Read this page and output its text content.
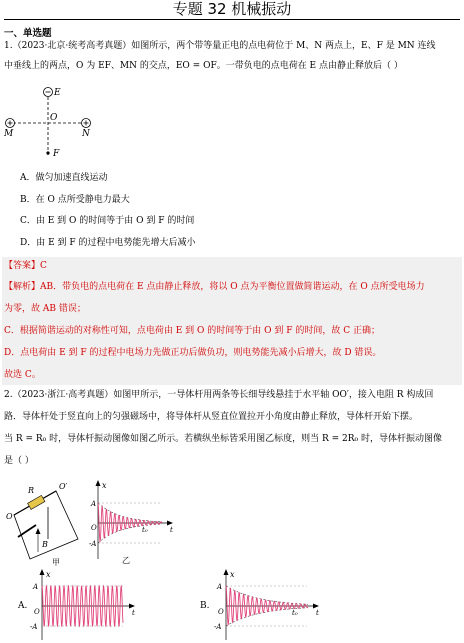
专题 32 机械振动
一、单选题
1.（2023·北京·统考高考真题）如图所示，两个带等量正电的点电荷位于 M、N 两点上，E、F 是 MN 连线
中垂线上的两点，O 为 EF、MN 的交点，EO = OF。一带负电的点电荷在 E 点由静止释放后（ ）
E
O
M	N
F
A．做匀加速直线运动
B．在 O 点所受静电力最大
C．由 E 到 O 的时间等于由 O 到 F 的时间
D．由 E 到 F 的过程中电势能先增大后减小
【答案】C
【解析】AB．带负电的点电荷在 E 点由静止释放，将以 O 点为平衡位置做简谐运动，在 O 点所受电场力
为零，故 AB 错误；
C．根据简谐运动的对称性可知，点电荷由 E 到 O 的时间等于由 O 到 F 的时间，故 C 正确；
D．点电荷由 E 到 F 的过程中电场力先做正功后做负功，则电势能先减小后增大，故 D 错误。
故选 C。
2.（2023·浙江·高考真题）如图甲所示，一导体杆用两条等长细导线悬挂于水平轴 OO′，接入电阻 R 构成回
路．导体杆处于竖直向上的匀强磁场中，将导体杆从竖直位置拉开小角度由静止释放，导体杆开始下摆。
当 R = R₀ 时，导体杆振动图像如图乙所示。若横纵坐标皆采用图乙标度，则当 R = 2R₀ 时，导体杆振动图像
是（ ）
O
O′
B
R
甲
x
A
-A
O	t
t₀
乙
A.
x
A
-A
O	t
B.
x
A
-A
O	t
t₀
